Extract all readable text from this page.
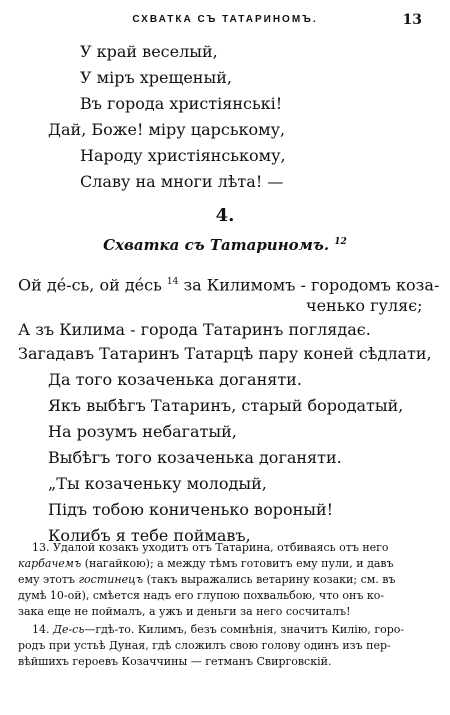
СХВАТКА СЪ ТАТАРИНОМЪ.	13
У край веселый,
У міръ хрещеный,
Въ города христіянські!
Дай, Боже! міру царському,
Народу христіянському,
Славу на многи лѣта! —
4.
Схватка съ Татариномъ. $^{12}$
Ой де́-сь, ой де́сь $^{14}$ за Килимомъ - городомъ коза-
ченько гуляє;
А зъ Килима - города Татаринъ поглядає.
Загадавъ Татаринъ Татарцѣ пару коней сѣдлати,
Да того козаченька доганяти.
Якъ выбѣгъ Татаринъ, старый бородатый,
На розумъ небагатый,
Выбѣгъ того козаченька доганяти.
„Ты козаченьку молодый,
Підъ тобою кониченько вороный!
Колибъ я тебе поймавъ,
13. Удалой козакъ уходитъ отъ Татарина, отбиваясь отъ него
карбачемъ (нагайкою); а между тѣмъ готовитъ ему пули, и давъ
ему этотъ гостинецъ (такъ выражались ветарину козаки; см. въ
думѣ 10-ой), смѣется надъ его глупою похвальбою, что онъ ко-
зака еще не поймалъ, а ужъ и деньги за него сосчиталъ!
14. Де-сь—гдѣ-то. Килимъ, безъ сомнѣнія, значитъ Килію, горо-
родъ при устьѣ Дуная, гдѣ сложилъ свою голову одинъ изъ пер-
вѣйшихъ героевъ Козаччины — гетманъ Свирговскій.
